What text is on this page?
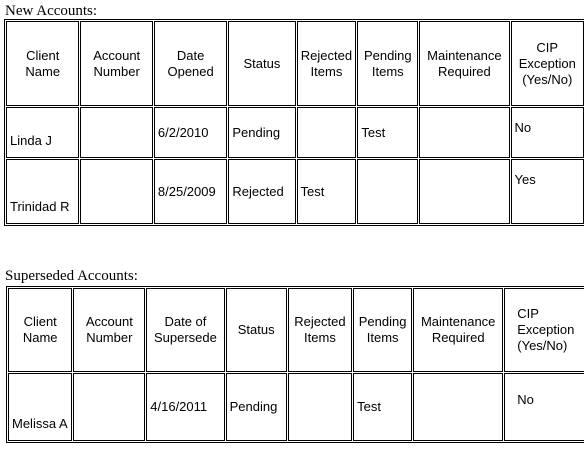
New Accounts:
Client Name	Account Number	Date Opened	Status	Rejected Items	Pending Items	Maintenance Required	CIP Exception (Yes/No)
Linda J		6/2/2010	Pending		Test		No
Trinidad R		8/25/2009	Rejected	Test			Yes
Superseded Accounts:
Client Name	Account Number	Date of Supersede	Status	Rejected Items	Pending Items	Maintenance Required	CIP Exception (Yes/No)
Melissa A		4/16/2011	Pending		Test		No
